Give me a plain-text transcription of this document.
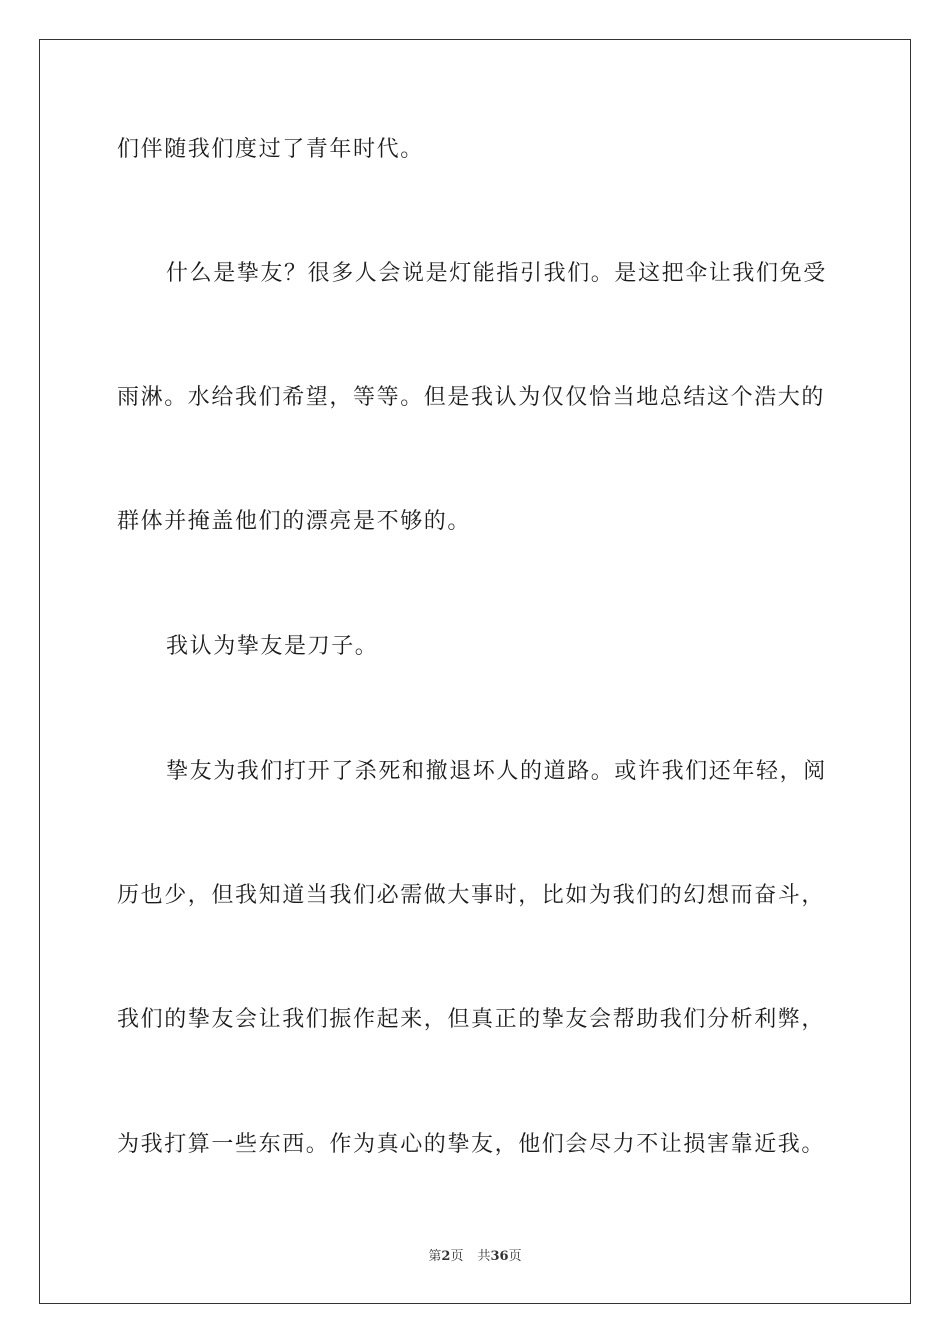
们伴随我们度过了青年时代。
什么是挚友？很多人会说是灯能指引我们。是这把伞让我们免受
雨淋。水给我们希望，等等。但是我认为仅仅恰当地总结这个浩大的
群体并掩盖他们的漂亮是不够的。
我认为挚友是刀子。
挚友为我们打开了杀死和撤退坏人的道路。或许我们还年轻，阅
历也少，但我知道当我们必需做大事时，比如为我们的幻想而奋斗，
我们的挚友会让我们振作起来，但真正的挚友会帮助我们分析利弊，
为我打算一些东西。作为真心的挚友，他们会尽力不让损害靠近我。
第2页 共36页
